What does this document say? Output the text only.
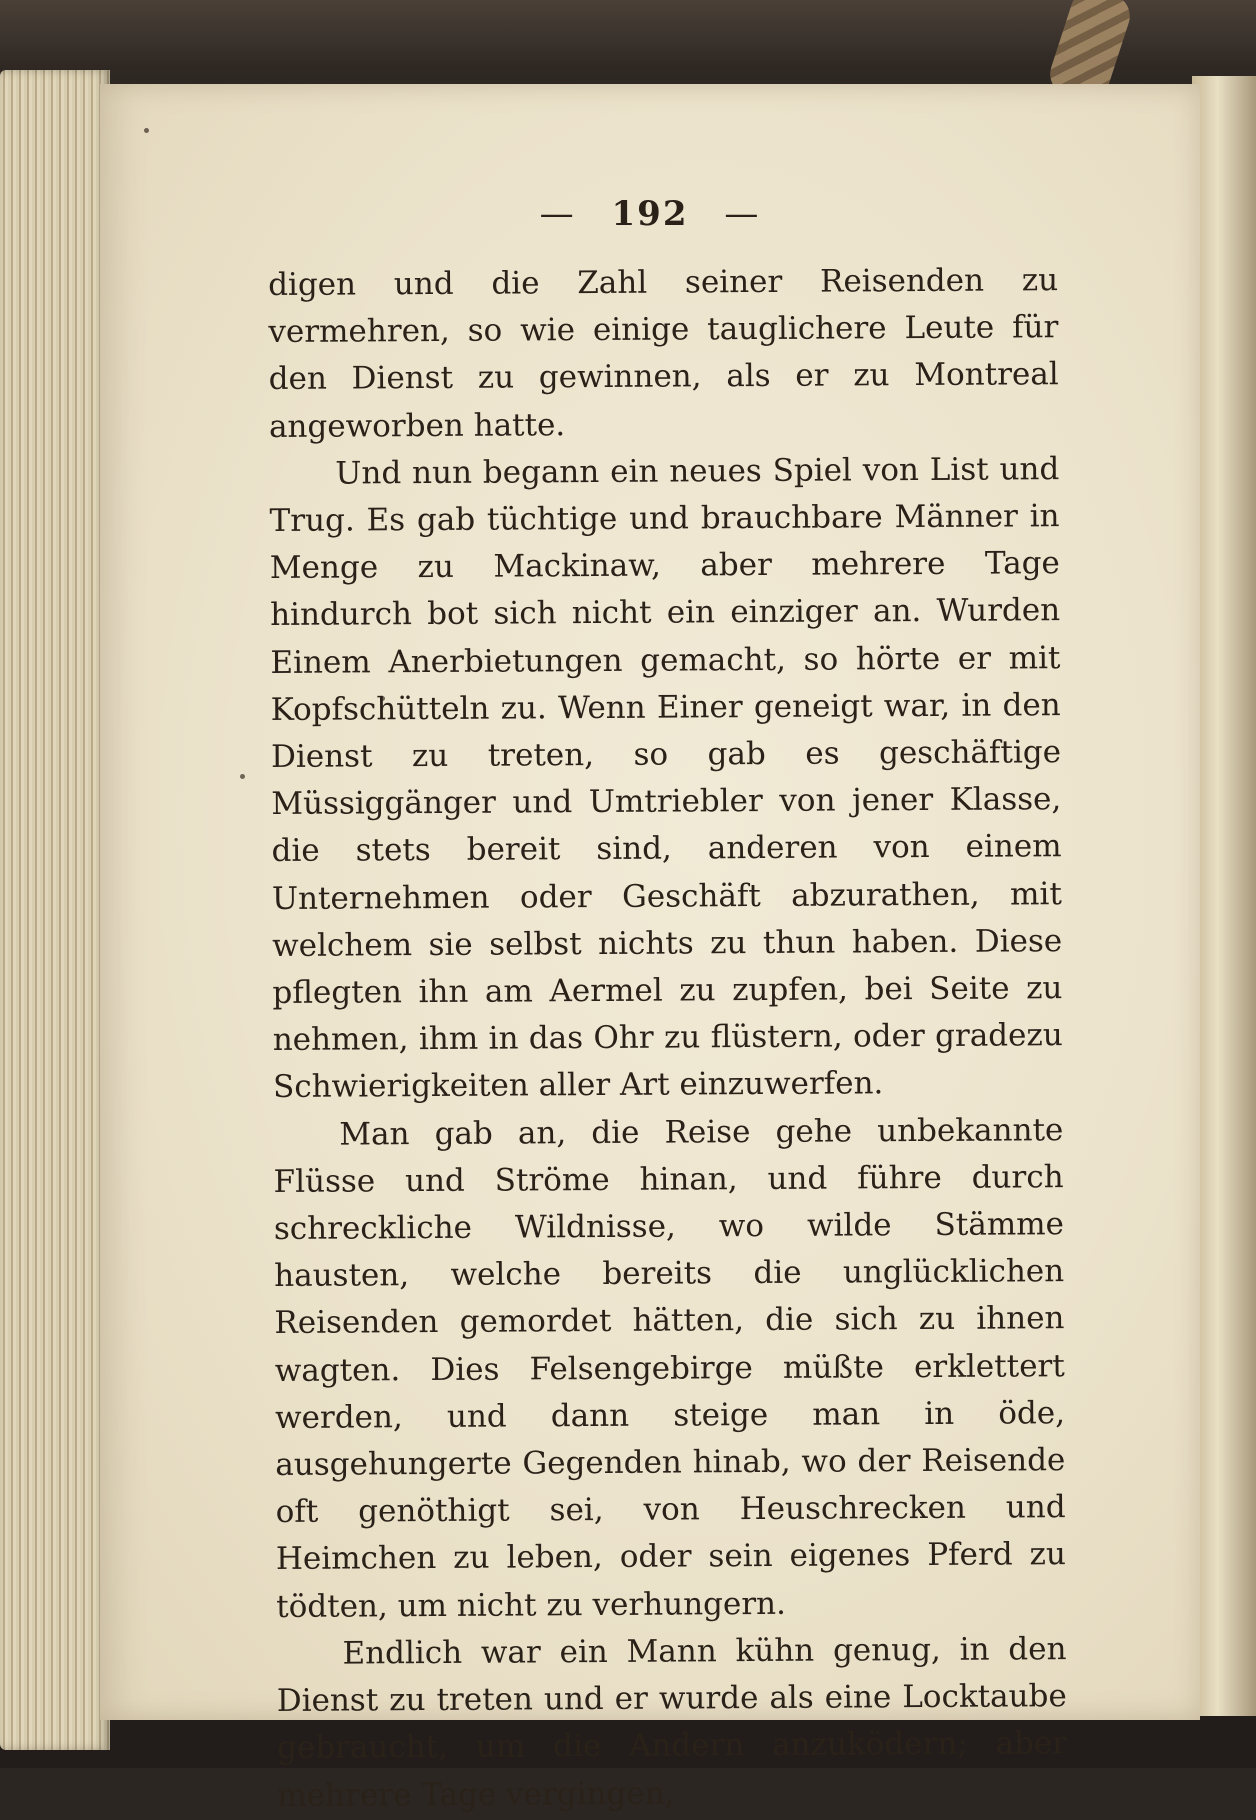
— 192 —

digen und die Zahl seiner Reisenden zu vermehren, so wie einige tauglichere Leute für den Dienst zu gewinnen, als er zu Montreal angeworben hatte.

Und nun begann ein neues Spiel von List und Trug. Es gab tüchtige und brauchbare Männer in Menge zu Mackinaw, aber mehrere Tage hindurch bot sich nicht ein einziger an. Wurden Einem Anerbietungen gemacht, so hörte er mit Kopfschütteln zu. Wenn Einer geneigt war, in den Dienst zu treten, so gab es geschäftige Müssiggänger und Umtriebler von jener Klasse, die stets bereit sind, anderen von einem Unternehmen oder Geschäft abzurathen, mit welchem sie selbst nichts zu thun haben. Diese pflegten ihn am Aermel zu zupfen, bei Seite zu nehmen, ihm in das Ohr zu flüstern, oder gradezu Schwierigkeiten aller Art einzuwerfen.

Man gab an, die Reise gehe unbekannte Flüsse und Ströme hinan, und führe durch schreckliche Wildnisse, wo wilde Stämme hausten, welche bereits die unglücklichen Reisenden gemordet hätten, die sich zu ihnen wagten. Dies Felsengebirge müßte erklettert werden, und dann steige man in öde, ausgehungerte Gegenden hinab, wo der Reisende oft genöthigt sei, von Heuschrecken und Heimchen zu leben, oder sein eigenes Pferd zu tödten, um nicht zu verhungern.

Endlich war ein Mann kühn genug, in den Dienst zu treten und er wurde als eine Locktaube gebraucht, um die Andern anzuködern; aber mehrere Tage vergingen,
